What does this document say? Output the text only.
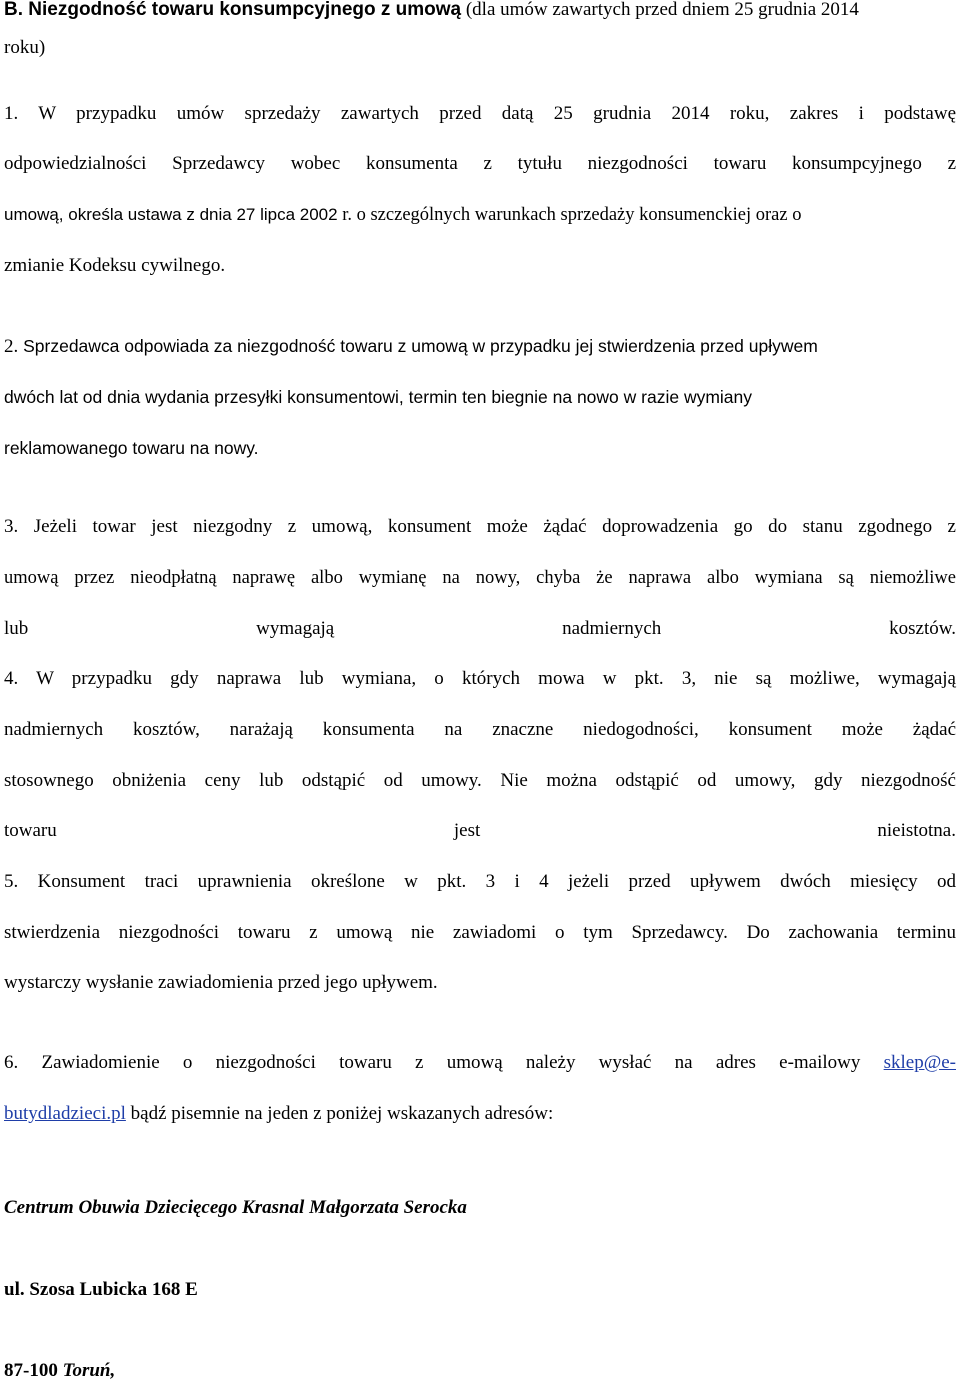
B. Niezgodność towaru konsumpcyjnego z umową (dla umów zawartych przed dniem 25 grudnia 2014
roku)
1. W przypadku umów sprzedaży zawartych przed datą 25 grudnia 2014 roku, zakres i podstawę
odpowiedzialności Sprzedawcy wobec konsumenta z tytułu niezgodności towaru konsumpcyjnego z
umową, określa ustawa z dnia 27 lipca 2002 r. o szczególnych warunkach sprzedaży konsumenckiej oraz o
zmianie Kodeksu cywilnego.
2. Sprzedawca odpowiada za niezgodność towaru z umową w przypadku jej stwierdzenia przed upływem
dwóch lat od dnia wydania przesyłki konsumentowi, termin ten biegnie na nowo w razie wymiany
reklamowanego towaru na nowy.
3. Jeżeli towar jest niezgodny z umową, konsument może żądać doprowadzenia go do stanu zgodnego z
umową przez nieodpłatną naprawę albo wymianę na nowy, chyba że naprawa albo wymiana są niemożliwe
lub wymagają nadmiernych kosztów.
4. W przypadku gdy naprawa lub wymiana, o których mowa w pkt. 3, nie są możliwe, wymagają
nadmiernych kosztów, narażają konsumenta na znaczne niedogodności, konsument może żądać
stosownego obniżenia ceny lub odstąpić od umowy. Nie można odstąpić od umowy, gdy niezgodność
towaru jest nieistotna.
5. Konsument traci uprawnienia określone w pkt. 3 i 4 jeżeli przed upływem dwóch miesięcy od
stwierdzenia niezgodności towaru z umową nie zawiadomi o tym Sprzedawcy. Do zachowania terminu
wystarczy wysłanie zawiadomienia przed jego upływem.
6. Zawiadomienie o niezgodności towaru z umową należy wysłać na adres e-mailowy sklep@e-
butydladzieci.pl bądź pisemnie na jeden z poniżej wskazanych adresów:
Centrum Obuwia Dziecięcego Krasnal Małgorzata Serocka
ul. Szosa Lubicka 168 E
87-100 Toruń,
